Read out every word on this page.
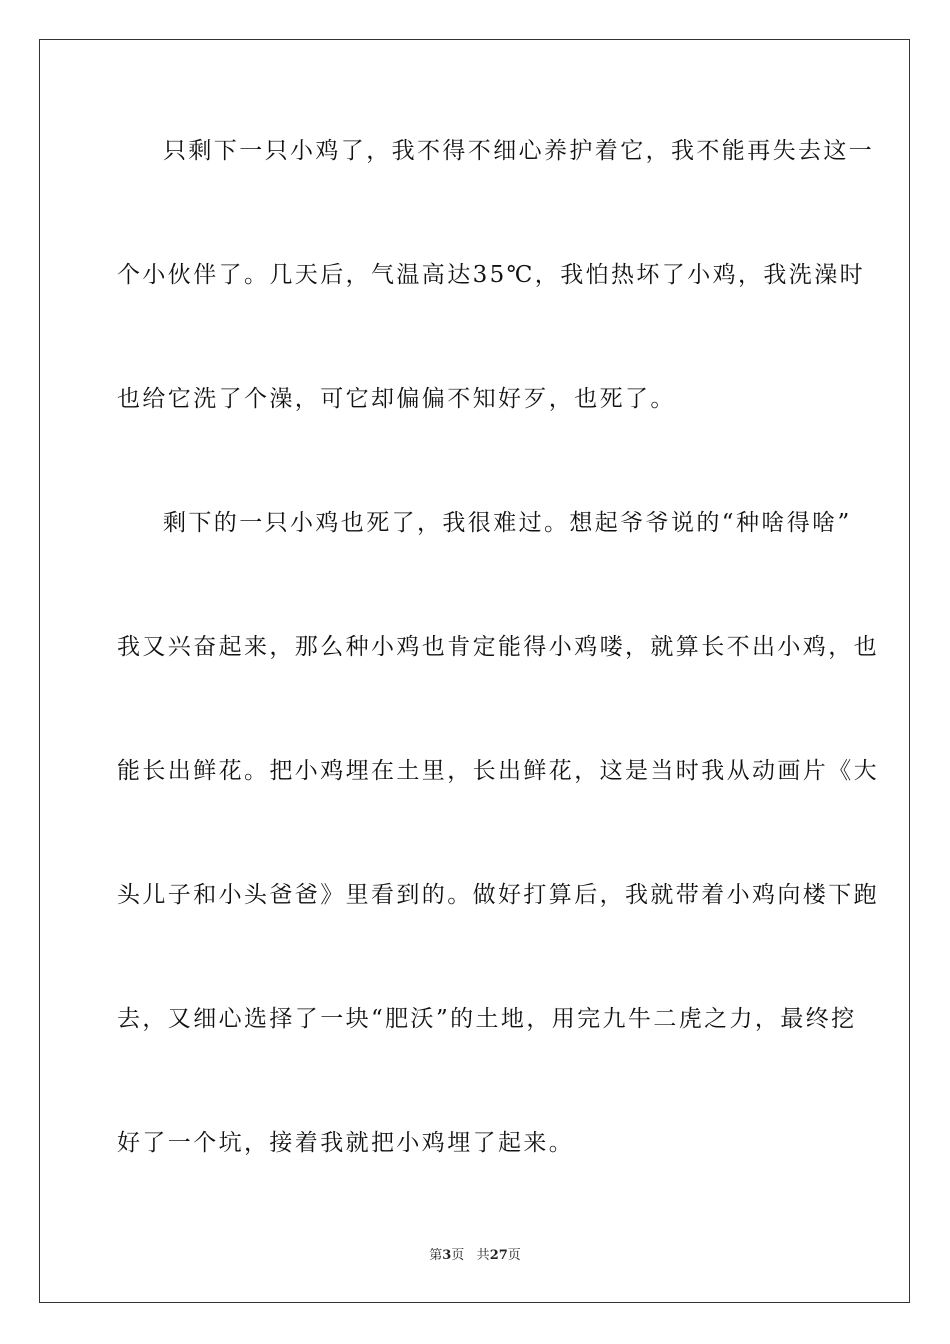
只剩下一只小鸡了，我不得不细心养护着它，我不能再失去这一
个小伙伴了。几天后，气温高达35℃，我怕热坏了小鸡，我洗澡时
也给它洗了个澡，可它却偏偏不知好歹，也死了。
剩下的一只小鸡也死了，我很难过。想起爷爷说的“种啥得啥”
我又兴奋起来，那么种小鸡也肯定能得小鸡喽，就算长不出小鸡，也
能长出鲜花。把小鸡埋在土里，长出鲜花，这是当时我从动画片《大
头儿子和小头爸爸》里看到的。做好打算后，我就带着小鸡向楼下跑
去，又细心选择了一块“肥沃”的土地，用完九牛二虎之力，最终挖
好了一个坑，接着我就把小鸡埋了起来。
第3页 共27页
